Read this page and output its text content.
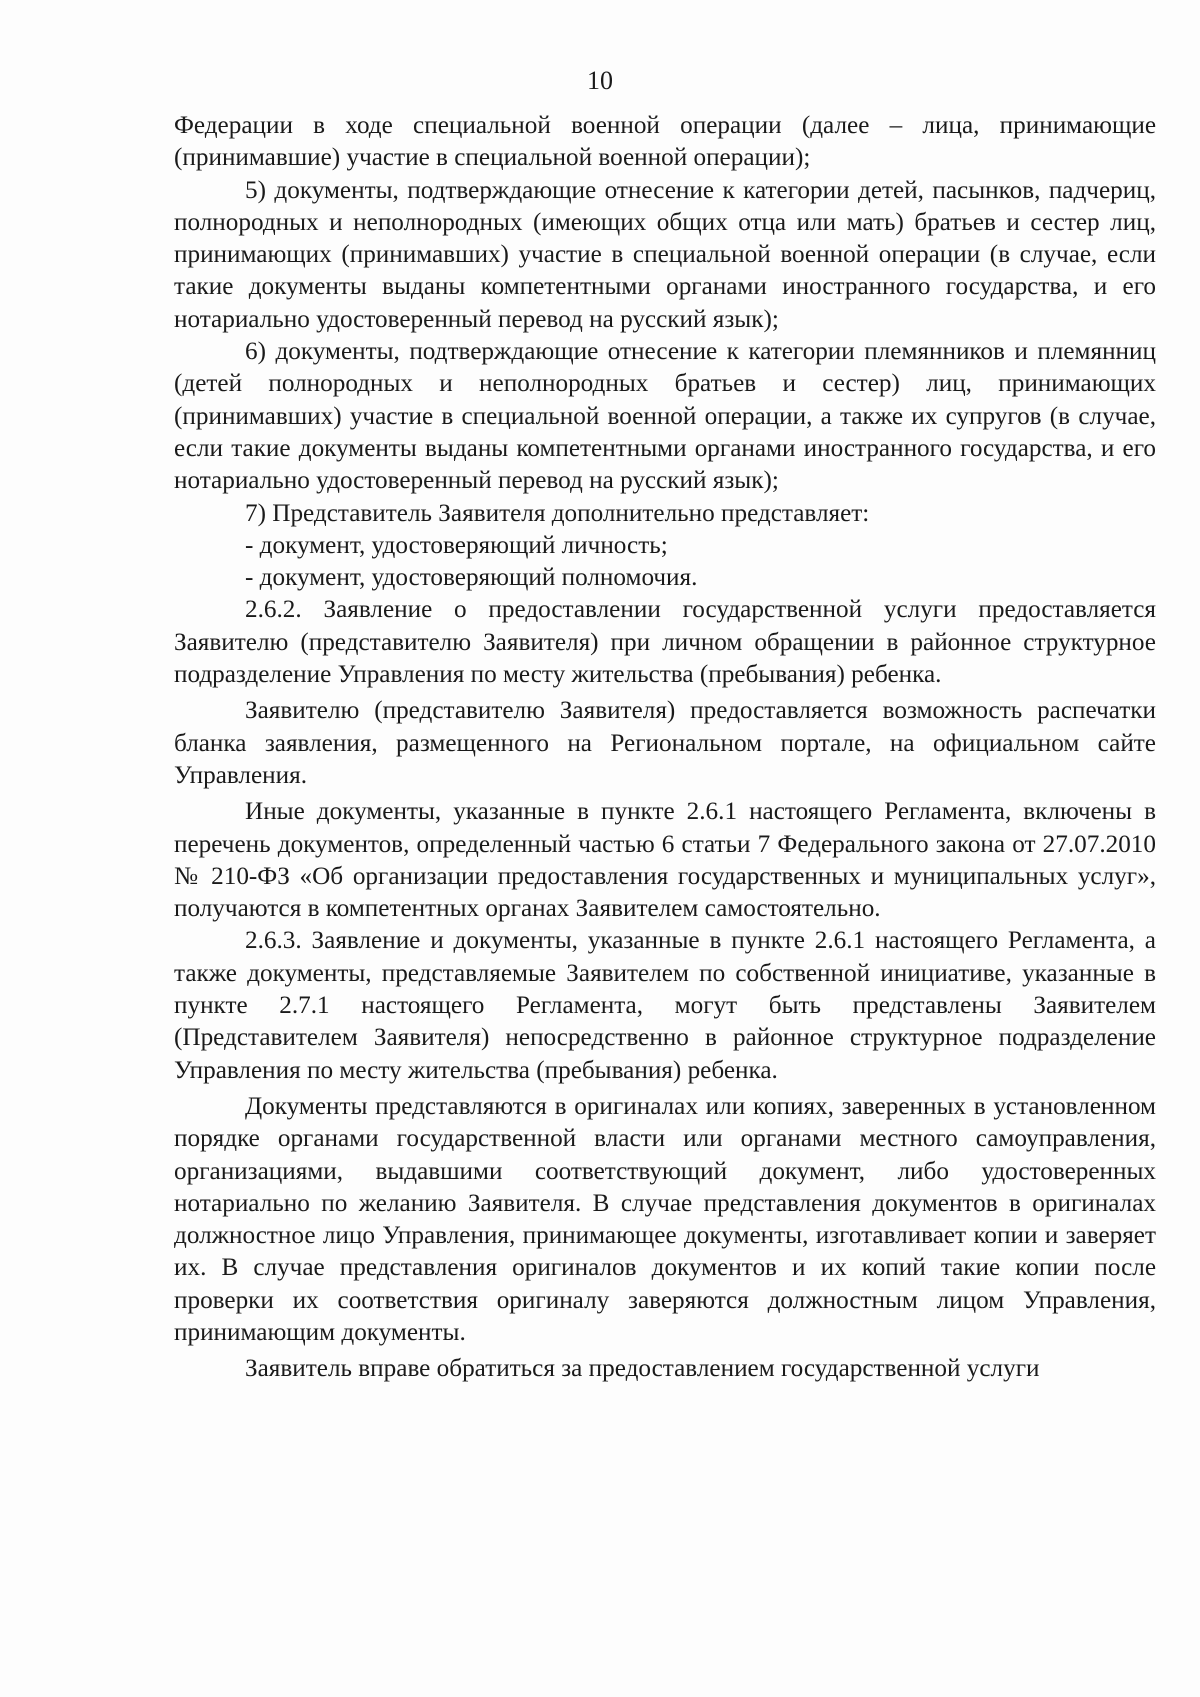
10

Федерации в ходе специальной военной операции (далее – лица, принимающие (принимавшие) участие в специальной военной операции);

5) документы, подтверждающие отнесение к категории детей, пасынков, падчериц, полнородных и неполнородных (имеющих общих отца или мать) братьев и сестер лиц, принимающих (принимавших) участие в специальной военной операции (в случае, если такие документы выданы компетентными органами иностранного государства, и его нотариально удостоверенный перевод на русский язык);

6) документы, подтверждающие отнесение к категории племянников и племянниц (детей полнородных и неполнородных братьев и сестер) лиц, принимающих (принимавших) участие в специальной военной операции, а также их супругов (в случае, если такие документы выданы компетентными органами иностранного государства, и его нотариально удостоверенный перевод на русский язык);

7) Представитель Заявителя дополнительно представляет:

- документ, удостоверяющий личность;

- документ, удостоверяющий полномочия.

2.6.2. Заявление о предоставлении государственной услуги предоставляется Заявителю (представителю Заявителя) при личном обращении в районное структурное подразделение Управления по месту жительства (пребывания) ребенка.

Заявителю (представителю Заявителя) предоставляется возможность распечатки бланка заявления, размещенного на Региональном портале, на официальном сайте Управления.

Иные документы, указанные в пункте 2.6.1 настоящего Регламента, включены в перечень документов, определенный частью 6 статьи 7 Федерального закона от 27.07.2010 № 210-ФЗ «Об организации предоставления государственных и муниципальных услуг», получаются в компетентных органах Заявителем самостоятельно.

2.6.3. Заявление и документы, указанные в пункте 2.6.1 настоящего Регламента, а также документы, представляемые Заявителем по собственной инициативе, указанные в пункте 2.7.1 настоящего Регламента, могут быть представлены Заявителем (Представителем Заявителя) непосредственно в районное структурное подразделение Управления по месту жительства (пребывания) ребенка.

Документы представляются в оригиналах или копиях, заверенных в установленном порядке органами государственной власти или органами местного самоуправления, организациями, выдавшими соответствующий документ, либо удостоверенных нотариально по желанию Заявителя. В случае представления документов в оригиналах должностное лицо Управления, принимающее документы, изготавливает копии и заверяет их. В случае представления оригиналов документов и их копий такие копии после проверки их соответствия оригиналу заверяются должностным лицом Управления, принимающим документы.

Заявитель вправе обратиться за предоставлением государственной услуги
